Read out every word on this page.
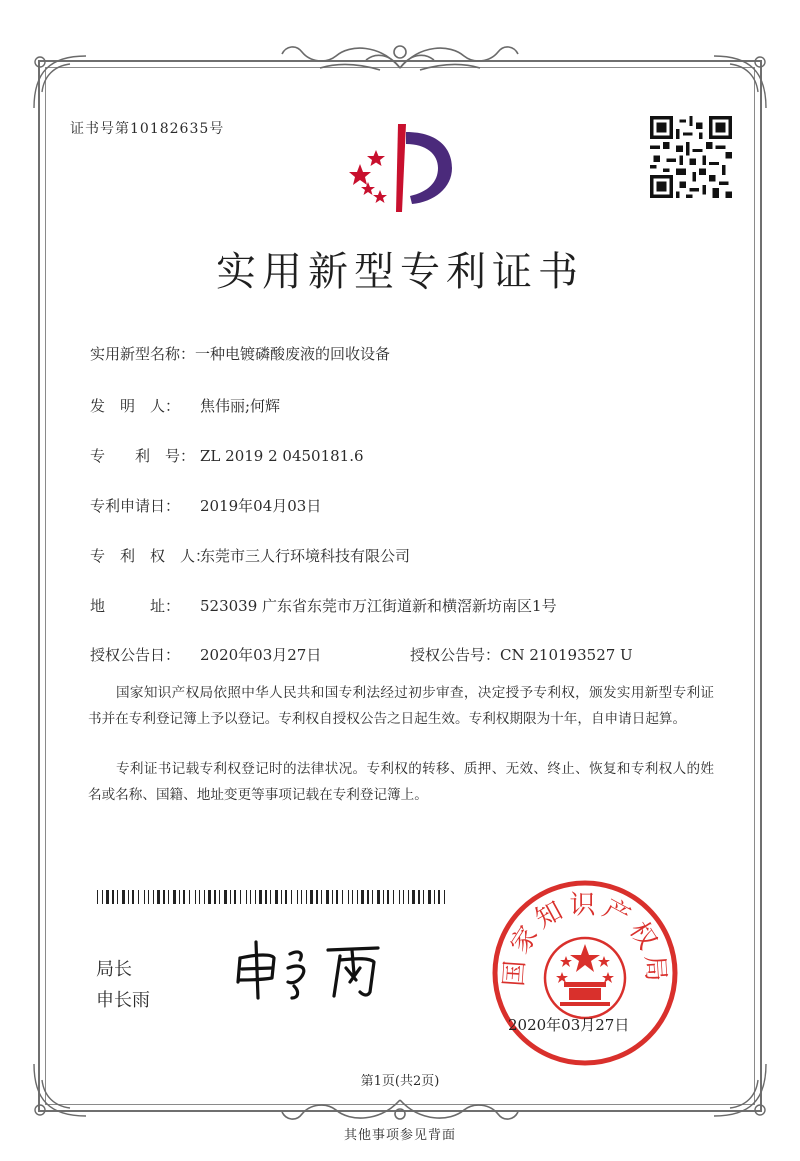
证书号第10182635号
实用新型专利证书
实用新型名称：一种电镀磷酸废液的回收设备
发　明　人： 焦伟丽;何辉
专　　利　号： ZL 2019 2 0450181.6
专利申请日： 2019年04月03日
专　利　权　人：东莞市三人行环境科技有限公司
地　　　址： 523039 广东省东莞市万江街道新和横滘新坊南区1号
授权公告日： 2020年03月27日	授权公告号：CN 210193527 U
国家知识产权局依照中华人民共和国专利法经过初步审查，决定授予专利权，颁发实用新型专利证书并在专利登记簿上予以登记。专利权自授权公告之日起生效。专利权期限为十年，自申请日起算。
专利证书记载专利权登记时的法律状况。专利权的转移、质押、无效、终止、恢复和专利权人的姓名或名称、国籍、地址变更等事项记载在专利登记簿上。
局长
申长雨
国家知识产权局
2020年03月27日
第1页(共2页)
其他事项参见背面
